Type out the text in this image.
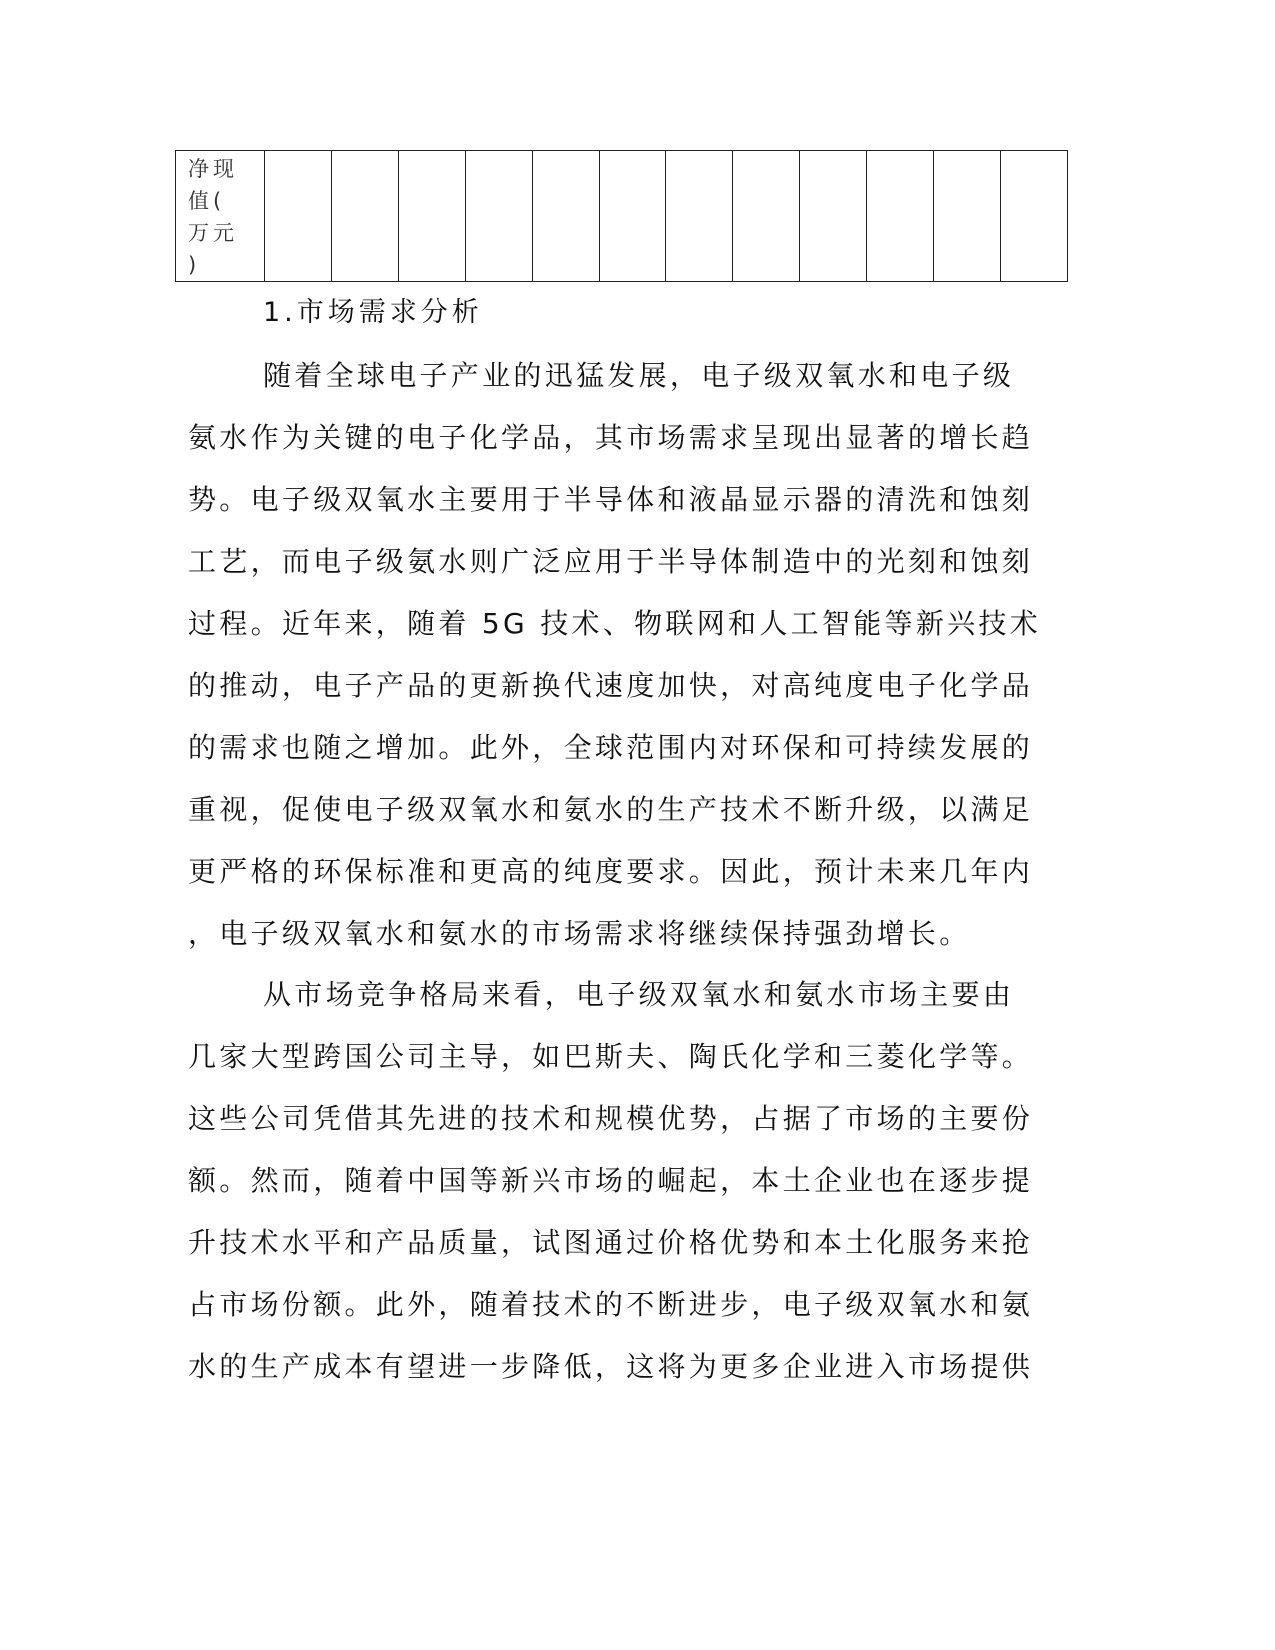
净现
值(
万元
)

1.市场需求分析
随着全球电子产业的迅猛发展，电子级双氧水和电子级
氨水作为关键的电子化学品，其市场需求呈现出显著的增长趋
势。电子级双氧水主要用于半导体和液晶显示器的清洗和蚀刻
工艺，而电子级氨水则广泛应用于半导体制造中的光刻和蚀刻
过程。近年来，随着 5G 技术、物联网和人工智能等新兴技术
的推动，电子产品的更新换代速度加快，对高纯度电子化学品
的需求也随之增加。此外，全球范围内对环保和可持续发展的
重视，促使电子级双氧水和氨水的生产技术不断升级，以满足
更严格的环保标准和更高的纯度要求。因此，预计未来几年内
，电子级双氧水和氨水的市场需求将继续保持强劲增长。
从市场竞争格局来看，电子级双氧水和氨水市场主要由
几家大型跨国公司主导，如巴斯夫、陶氏化学和三菱化学等。
这些公司凭借其先进的技术和规模优势，占据了市场的主要份
额。然而，随着中国等新兴市场的崛起，本土企业也在逐步提
升技术水平和产品质量，试图通过价格优势和本土化服务来抢
占市场份额。此外，随着技术的不断进步，电子级双氧水和氨
水的生产成本有望进一步降低，这将为更多企业进入市场提供
